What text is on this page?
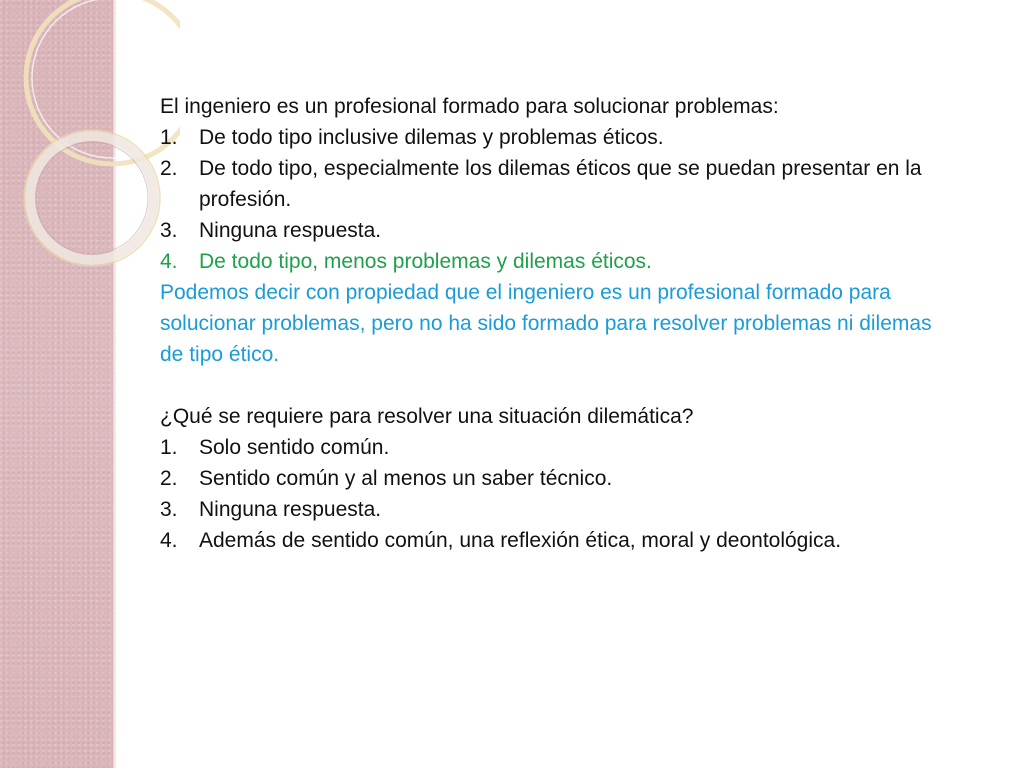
El ingeniero es un profesional formado para solucionar problemas:

1.	De todo tipo inclusive dilemas y problemas éticos.
2.	De todo tipo, especialmente los dilemas éticos que se puedan presentar en la profesión.
3.	Ninguna respuesta.
4.	De todo tipo, menos problemas y dilemas éticos.

Podemos decir con propiedad que el ingeniero es un profesional formado para solucionar problemas, pero no ha sido formado para resolver problemas ni dilemas de tipo ético.

¿Qué se requiere para resolver una situación dilemática?

1.	Solo sentido común.
2.	Sentido común y al menos un saber técnico.
3.	Ninguna respuesta.
4.	Además de sentido común, una reflexión ética, moral y deontológica.
